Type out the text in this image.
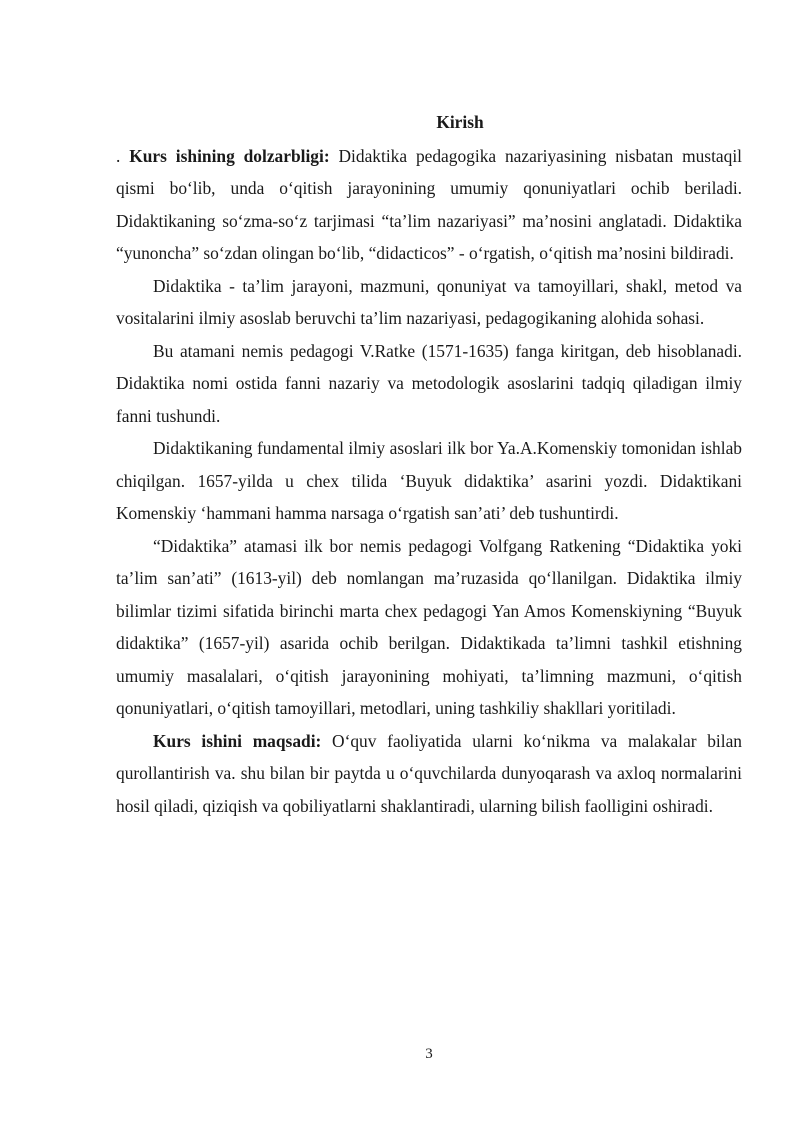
Kirish

. Kurs ishining dolzarbligi: Didaktika pedagogika nazariyasining nisbatan mustaqil qismi bo‘lib, unda o‘qitish jarayonining umumiy qonuniyatlari ochib beriladi. Didaktikaning so‘zma-so‘z tarjimasi “ta’lim nazariyasi” ma’nosini anglatadi. Didaktika “yunoncha” so‘zdan olingan bo‘lib, “didacticos” - o‘rgatish, o‘qitish ma’nosini bildiradi.

Didaktika - ta’lim jarayoni, mazmuni, qonuniyat va tamoyillari, shakl, metod va vositalarini ilmiy asoslab beruvchi ta’lim nazariyasi, pedagogikaning alohida sohasi.

Bu atamani nemis pedagogi V.Ratke (1571-1635) fanga kiritgan, deb hisoblanadi. Didaktika nomi ostida fanni nazariy va metodologik asoslarini tadqiq qiladigan ilmiy fanni tushundi.

Didaktikaning fundamental ilmiy asoslari ilk bor Ya.A.Komenskiy tomonidan ishlab chiqilgan. 1657-yilda u chex tilida ‘Buyuk didaktika’ asarini yozdi. Didaktikani Komenskiy ‘hammani hamma narsaga o‘rgatish san’ati’ deb tushuntirdi.

“Didaktika” atamasi ilk bor nemis pedagogi Volfgang Ratkening “Didaktika yoki ta’lim san’ati” (1613-yil) deb nomlangan ma’ruzasida qo‘llanilgan. Didaktika ilmiy bilimlar tizimi sifatida birinchi marta chex pedagogi Yan Amos Komenskiyning “Buyuk didaktika” (1657-yil) asarida ochib berilgan. Didaktikada ta’limni tashkil etishning umumiy masalalari, o‘qitish jarayonining mohiyati, ta’limning mazmuni, o‘qitish qonuniyatlari, o‘qitish tamoyillari, metodlari, uning tashkiliy shakllari yoritiladi.

Kurs ishini maqsadi: O‘quv faoliyatida ularni ko‘nikma va malakalar bilan qurollantirish va. shu bilan bir paytda u o‘quvchilarda dunyoqarash va axloq normalarini hosil qiladi, qiziqish va qobiliyatlarni shaklantiradi, ularning bilish faolligini oshiradi.

3
